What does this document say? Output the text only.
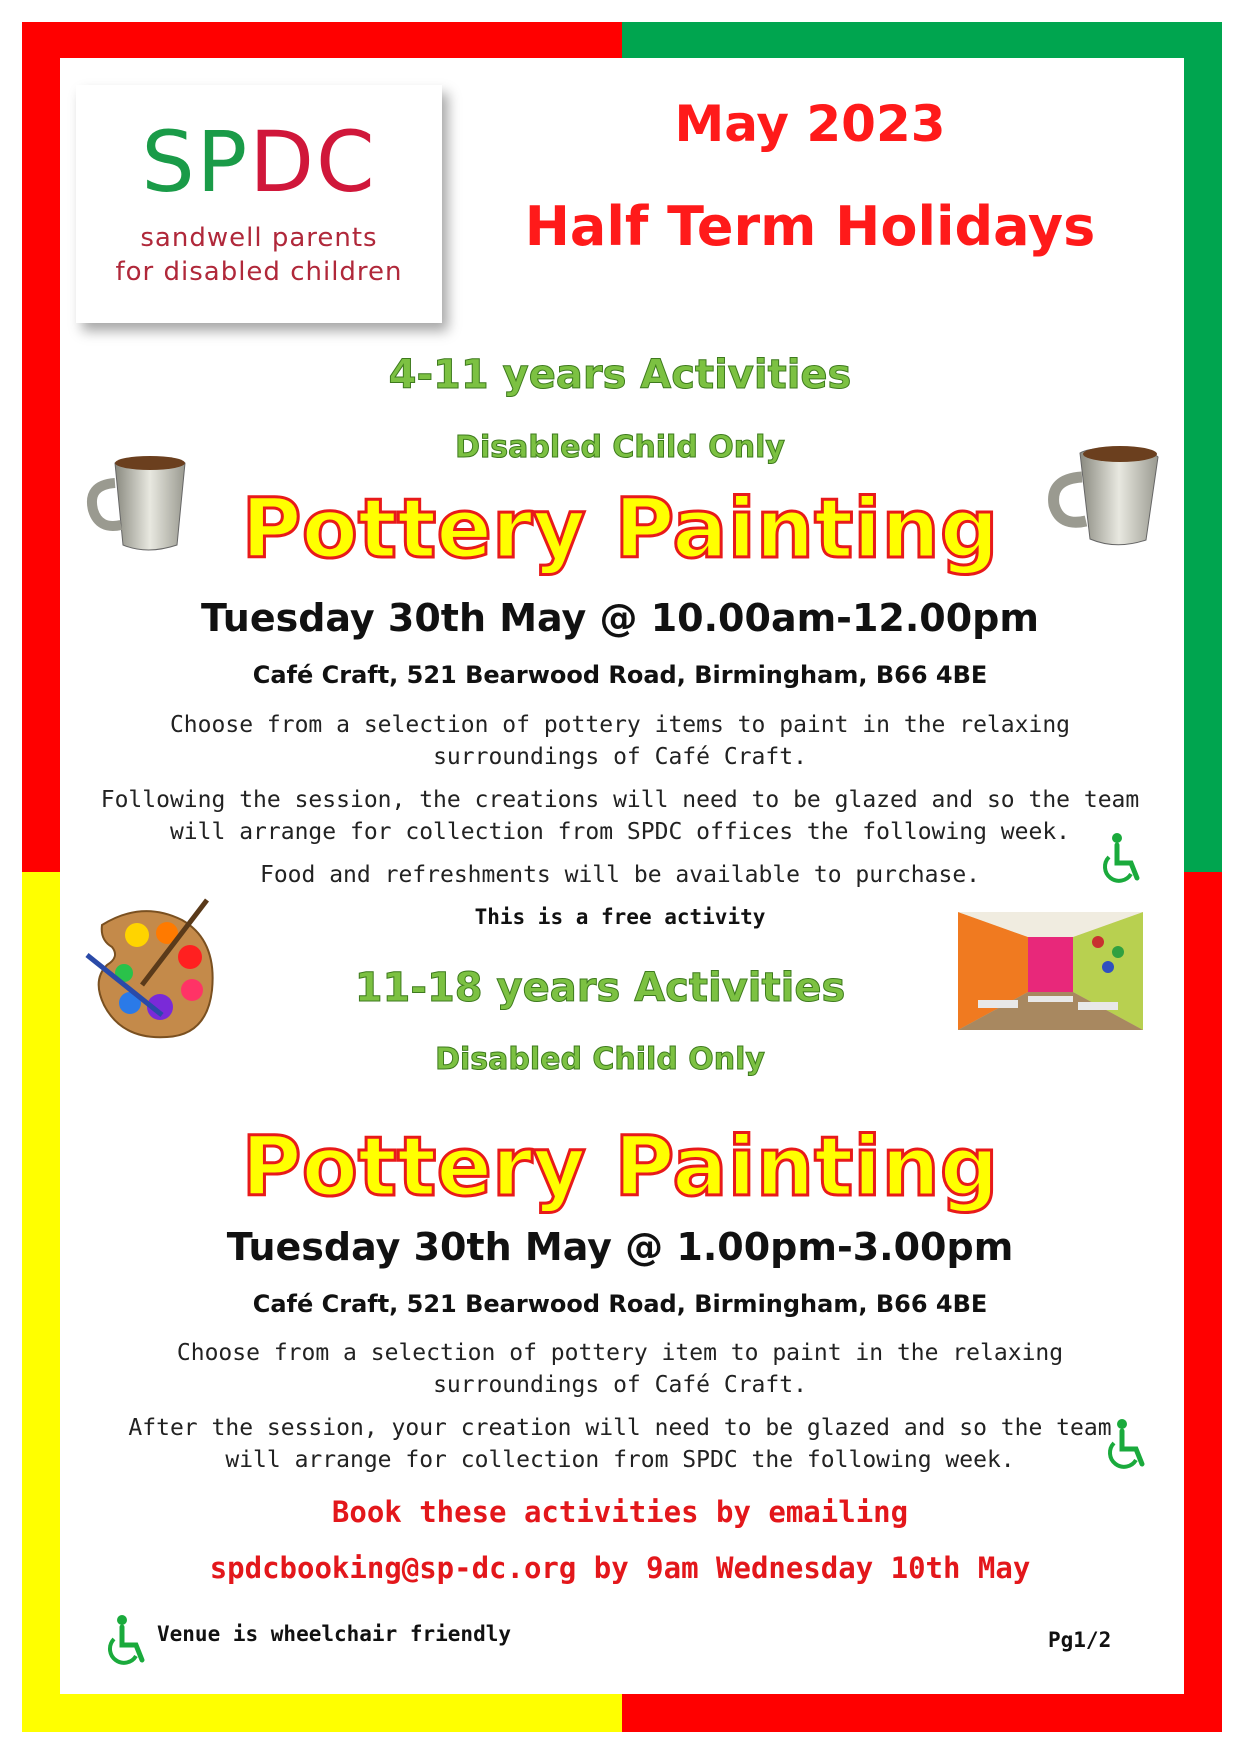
SPDC
sandwell parents
for disabled children
May 2023
Half Term Holidays
4-11 years Activities
Disabled Child Only
Pottery Painting
Tuesday 30th May @ 10.00am-12.00pm
Café Craft, 521 Bearwood Road, Birmingham, B66 4BE
Choose from a selection of pottery items to paint in the relaxing
surroundings of Café Craft.
Following the session, the creations will need to be glazed and so the team
will arrange for collection from SPDC offices the following week.
Food and refreshments will be available to purchase.
This is a free activity
11-18 years Activities
Disabled Child Only
Pottery Painting
Tuesday 30th May @ 1.00pm-3.00pm
Café Craft, 521 Bearwood Road, Birmingham, B66 4BE
Choose from a selection of pottery item to paint in the relaxing
surroundings of Café Craft.
After the session, your creation will need to be glazed and so the team
will arrange for collection from SPDC the following week.
Book these activities by emailing
spdcbooking@sp-dc.org by 9am Wednesday 10th May
Venue is wheelchair friendly	Pg1/2
